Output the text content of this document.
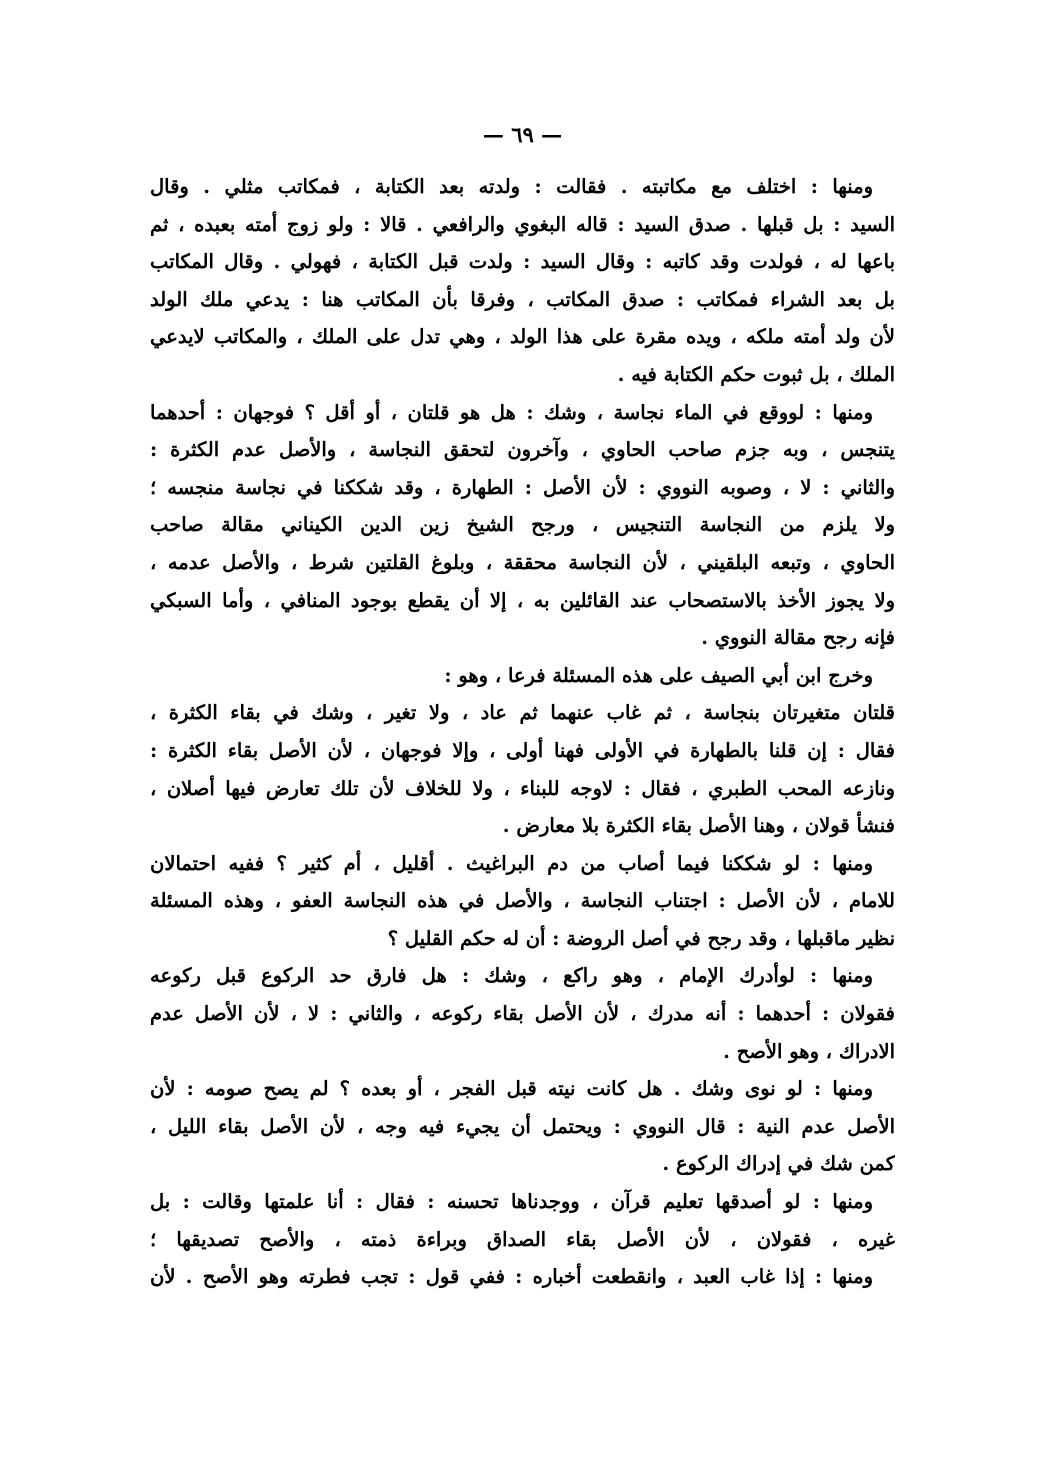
— ٦٩ —
ومنها : اختلف مع مكاتبته . فقالت : ولدته بعد الكتابة ، فمكاتب مثلي . وقال
السيد : بل قبلها . صدق السيد : قاله البغوي والرافعي . قالا : ولو زوج أمته بعبده ، ثم
باعها له ، فولدت وقد كاتبه : وقال السيد : ولدت قبل الكتابة ، فهولي . وقال المكاتب
بل بعد الشراء فمكاتب : صدق المكاتب ، وفرقا بأن المكاتب هنا : يدعي ملك الولد
لأن ولد أمته ملكه ، ويده مقرة على هذا الولد ، وهي تدل على الملك ، والمكاتب لايدعي
الملك ، بل ثبوت حكم الكتابة فيه .
ومنها : لووقع في الماء نجاسة ، وشك : هل هو قلتان ، أو أقل ؟ فوجهان : أحدهما
يتنجس ، وبه جزم صاحب الحاوي ، وآخرون لتحقق النجاسة ، والأصل عدم الكثرة :
والثاني : لا ، وصوبه النووي : لأن الأصل : الطهارة ، وقد شككنا في نجاسة منجسه ؛
ولا يلزم من النجاسة التنجيس ، ورجح الشيخ زين الدين الكيناني مقالة صاحب
الحاوي ، وتبعه البلقيني ، لأن النجاسة محققة ، وبلوغ القلتين شرط ، والأصل عدمه ،
ولا يجوز الأخذ بالاستصحاب عند القائلين به ، إلا أن يقطع بوجود المنافي ، وأما السبكي
فإنه رجح مقالة النووي .
وخرج ابن أبي الصيف على هذه المسئلة فرعا ، وهو :
قلتان متغيرتان بنجاسة ، ثم غاب عنهما ثم عاد ، ولا تغير ، وشك في بقاء الكثرة ،
فقال : إن قلنا بالطهارة في الأولى فهنا أولى ، وإلا فوجهان ، لأن الأصل بقاء الكثرة :
ونازعه المحب الطبري ، فقال : لاوجه للبناء ، ولا للخلاف لأن تلك تعارض فيها أصلان ،
فنشأ قولان ، وهنا الأصل بقاء الكثرة بلا معارض .
ومنها : لو شككنا فيما أصاب من دم البراغيث . أقليل ، أم كثير ؟ ففيه احتمالان
للامام ، لأن الأصل : اجتناب النجاسة ، والأصل في هذه النجاسة العفو ، وهذه المسئلة
نظير ماقبلها ، وقد رجح في أصل الروضة : أن له حكم القليل ؟
ومنها : لوأدرك الإمام ، وهو راكع ، وشك : هل فارق حد الركوع قبل ركوعه
فقولان : أحدهما : أنه مدرك ، لأن الأصل بقاء ركوعه ، والثاني : لا ، لأن الأصل عدم
الادراك ، وهو الأصح .
ومنها : لو نوى وشك . هل كانت نيته قبل الفجر ، أو بعده ؟ لم يصح صومه : لأن
الأصل عدم النية : قال النووي : ويحتمل أن يجيء فيه وجه ، لأن الأصل بقاء الليل ،
كمن شك في إدراك الركوع .
ومنها : لو أصدقها تعليم قرآن ، ووجدناها تحسنه : فقال : أنا علمتها وقالت : بل
غيره ، فقولان ، لأن الأصل بقاء الصداق وبراءة ذمته ، والأصح تصديقها ؛
ومنها : إذا غاب العبد ، وانقطعت أخباره : ففي قول : تجب فطرته وهو الأصح . لأن
